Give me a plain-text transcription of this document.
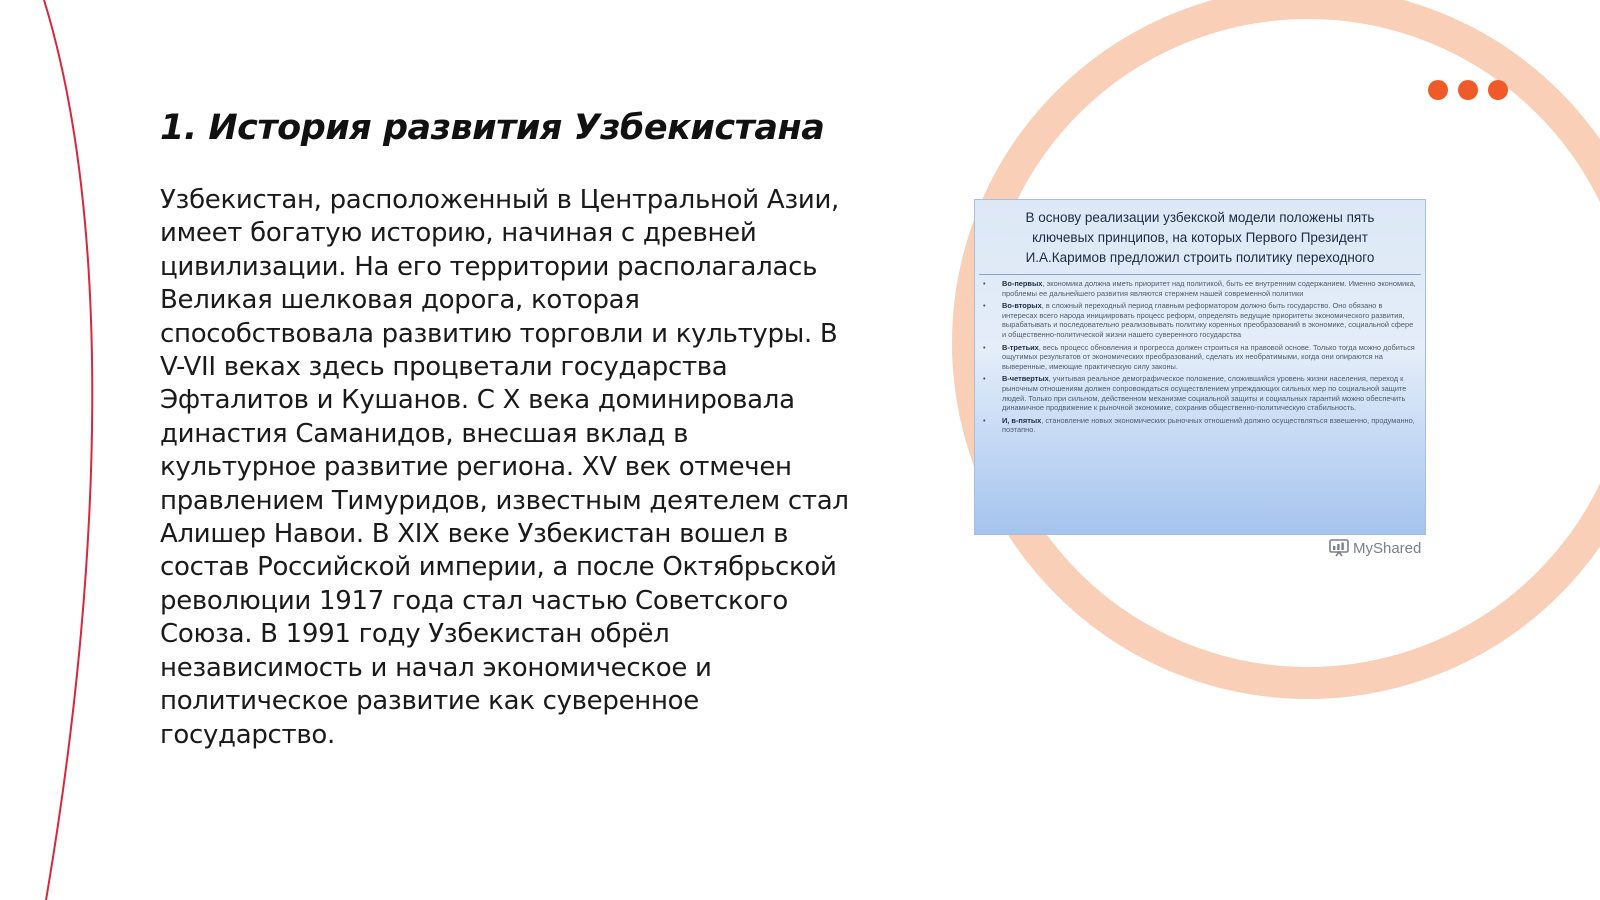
1. История развития Узбекистана

Узбекистан, расположенный в Центральной Азии, имеет богатую историю, начиная с древней цивилизации. На его территории располагалась Великая шелковая дорога, которая способствовала развитию торговли и культуры. В V-VII веках здесь процветали государства Эфталитов и Кушанов. С X века доминировала династия Саманидов, внесшая вклад в культурное развитие региона. XV век отмечен правлением Тимуридов, известным деятелем стал Алишер Навои. В XIX веке Узбекистан вошел в состав Российской империи, а после Октябрьской революции 1917 года стал частью Советского Союза. В 1991 году Узбекистан обрёл независимость и начал экономическое и политическое развитие как суверенное государство.

В основу реализации узбекской модели положены пять ключевых принципов, на которых Первого Президент И.А.Каримов предложил строить политику переходного
• Во-первых, экономика должна иметь приоритет над политикой, быть ее внутренним содержанием. Именно экономика, проблемы ее дальнейшего развития являются стержнем нашей современной политики
• Во-вторых, в сложный переходный период главным реформатором должно быть государство. Оно обязано в интересах всего народа инициировать процесс реформ, определять ведущие приоритеты экономического развития, вырабатывать и последовательно реализовывать политику коренных преобразований в экономике, социальной сфере и общественно-политической жизни нашего суверенного государства
• В-третьих, весь процесс обновления и прогресса должен строиться на правовой основе. Только тогда можно добиться ощутимых результатов от экономических преобразований, сделать их необратимыми, когда они опираются на выверенные, имеющие практическую силу законы.
• В-четвертых, учитывая реальное демографическое положение, сложившийся уровень жизни населения, переход к рыночным отношениям должен сопровождаться осуществлением упреждающих сильных мер по социальной защите людей. Только при сильном, действенном механизме социальной защиты и социальных гарантий можно обеспечить динамичное продвижение к рыночной экономике, сохранив общественно-политическую стабильность.
• И, в-пятых, становление новых экономических рыночных отношений должно осуществляться взвешенно, продуманно, поэтапно.
MyShared
